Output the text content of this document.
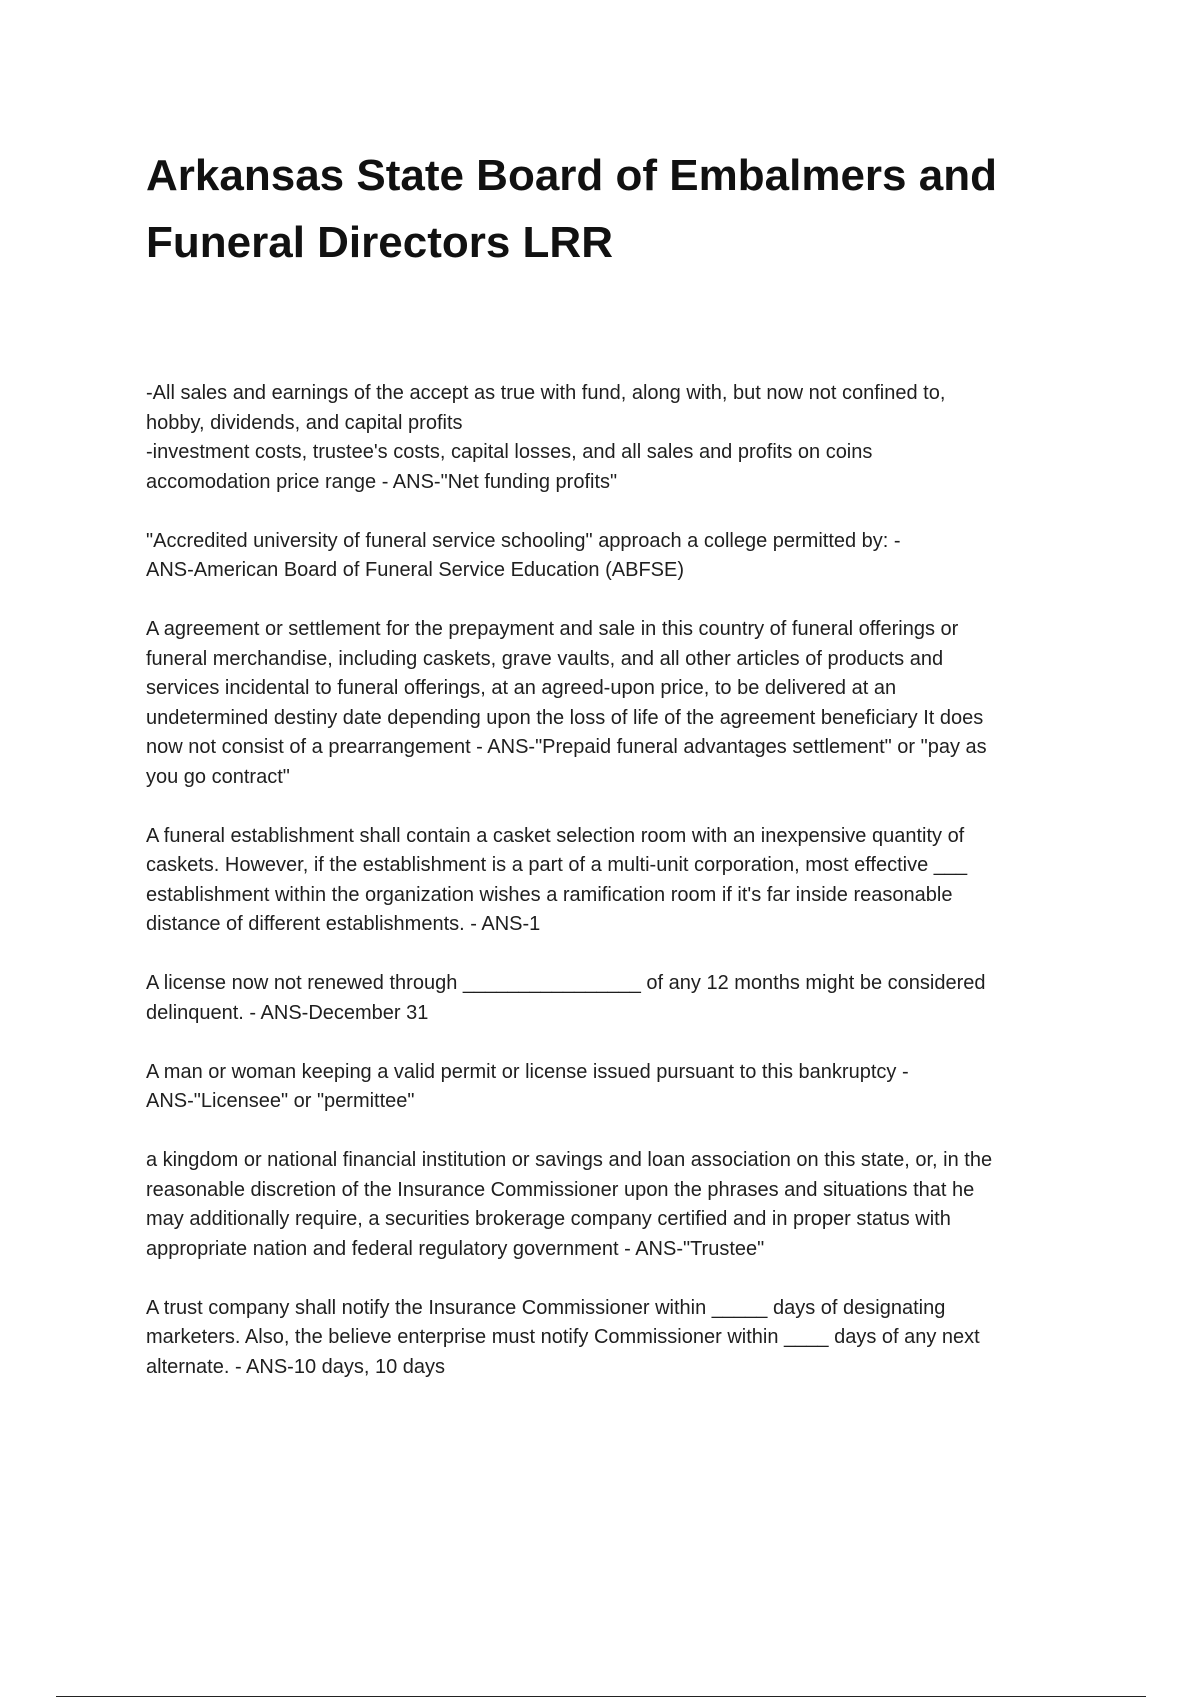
Arkansas State Board of Embalmers and
Funeral Directors LRR

-All sales and earnings of the accept as true with fund, along with, but now not confined to,
hobby, dividends, and capital profits
-investment costs, trustee's costs, capital losses, and all sales and profits on coins
accomodation price range - ANS-"Net funding profits"

"Accredited university of funeral service schooling" approach a college permitted by: -
ANS-American Board of Funeral Service Education (ABFSE)

A agreement or settlement for the prepayment and sale in this country of funeral offerings or
funeral merchandise, including caskets, grave vaults, and all other articles of products and
services incidental to funeral offerings, at an agreed-upon price, to be delivered at an
undetermined destiny date depending upon the loss of life of the agreement beneficiary It does
now not consist of a prearrangement - ANS-"Prepaid funeral advantages settlement" or "pay as
you go contract"

A funeral establishment shall contain a casket selection room with an inexpensive quantity of
caskets. However, if the establishment is a part of a multi-unit corporation, most effective ___
establishment within the organization wishes a ramification room if it's far inside reasonable
distance of different establishments. - ANS-1

A license now not renewed through ________________ of any 12 months might be considered
delinquent. - ANS-December 31

A man or woman keeping a valid permit or license issued pursuant to this bankruptcy -
ANS-"Licensee" or "permittee"

a kingdom or national financial institution or savings and loan association on this state, or, in the
reasonable discretion of the Insurance Commissioner upon the phrases and situations that he
may additionally require, a securities brokerage company certified and in proper status with
appropriate nation and federal regulatory government - ANS-"Trustee"

A trust company shall notify the Insurance Commissioner within _____ days of designating
marketers. Also, the believe enterprise must notify Commissioner within ____ days of any next
alternate. - ANS-10 days, 10 days
